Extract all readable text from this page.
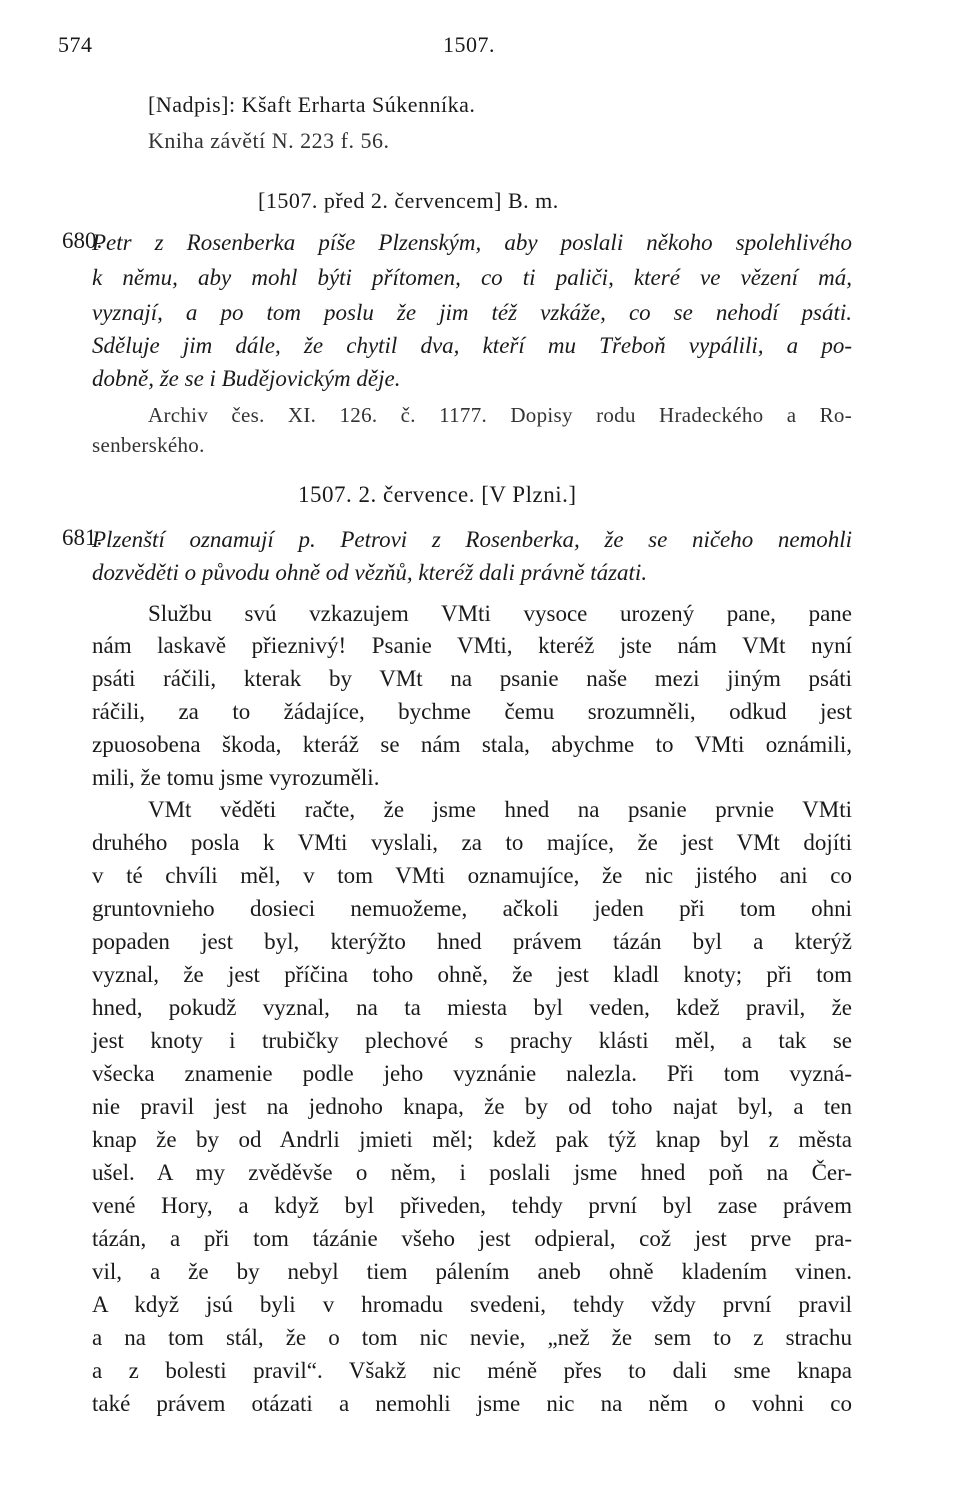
574	1507.
[Nadpis]: Kšaft Erharta Súkenníka.
Kniha závětí N. 223 f. 56.
[1507. před 2. červencem] B. m.
680.
Petr z Rosenberka píše Plzenským, aby poslali někoho spolehlivého
k němu, aby mohl býti přítomen, co ti paliči, které ve vězení má,
vyznají, a po tom poslu že jim též vzkáže, co se nehodí psáti.
Sděluje jim dále, že chytil dva, kteří mu Třeboň vypálili, a po-
dobně, že se i Budějovickým děje.
Archiv čes. XI. 126. č. 1177. Dopisy rodu Hradeckého a Ro-
senberského.
1507. 2. července. [V Plzni.]
681.
Plzenští oznamují p. Petrovi z Rosenberka, že se ničeho nemohli
dozvěděti o původu ohně od vězňů, kteréž dali právně tázati.
Službu svú vzkazujem VMti vysoce urozený pane, pane
nám laskavě přieznivý! Psanie VMti, kteréž jste nám VMt nyní
psáti ráčili, kterak by VMt na psanie naše mezi jiným psáti
ráčili, za to žádajíce, bychme čemu srozumněli, odkud jest
zpuosobena škoda, kteráž se nám stala, abychme to VMti oznámili,
mili, že tomu jsme vyrozuměli.
VMt věděti račte, že jsme hned na psanie prvnie VMti
druhého posla k VMti vyslali, za to majíce, že jest VMt dojíti
v té chvíli měl, v tom VMti oznamujíce, že nic jistého ani co
gruntovnieho dosieci nemuožeme, ačkoli jeden při tom ohni
popaden jest byl, kterýžto hned právem tázán byl a kterýž
vyznal, že jest příčina toho ohně, že jest kladl knoty; při tom
hned, pokudž vyznal, na ta miesta byl veden, kdež pravil, že
jest knoty i trubičky plechové s prachy klásti měl, a tak se
všecka znamenie podle jeho vyznánie nalezla. Při tom vyzná-
nie pravil jest na jednoho knapa, že by od toho najat byl, a ten
knap že by od Andrli jmieti měl; kdež pak týž knap byl z města
ušel. A my zvěděvše o něm, i poslali jsme hned poň na Čer-
vené Hory, a když byl přiveden, tehdy první byl zase právem
tázán, a při tom tázánie všeho jest odpieral, což jest prve pra-
vil, a že by nebyl tiem pálením aneb ohně kladením vinen.
A když jsú byli v hromadu svedeni, tehdy vždy první pravil
a na tom stál, že o tom nic nevie, „než že sem to z strachu
a z bolesti pravil“. Všakž nic méně přes to dali sme knapa
také právem otázati a nemohli jsme nic na něm o vohni co
